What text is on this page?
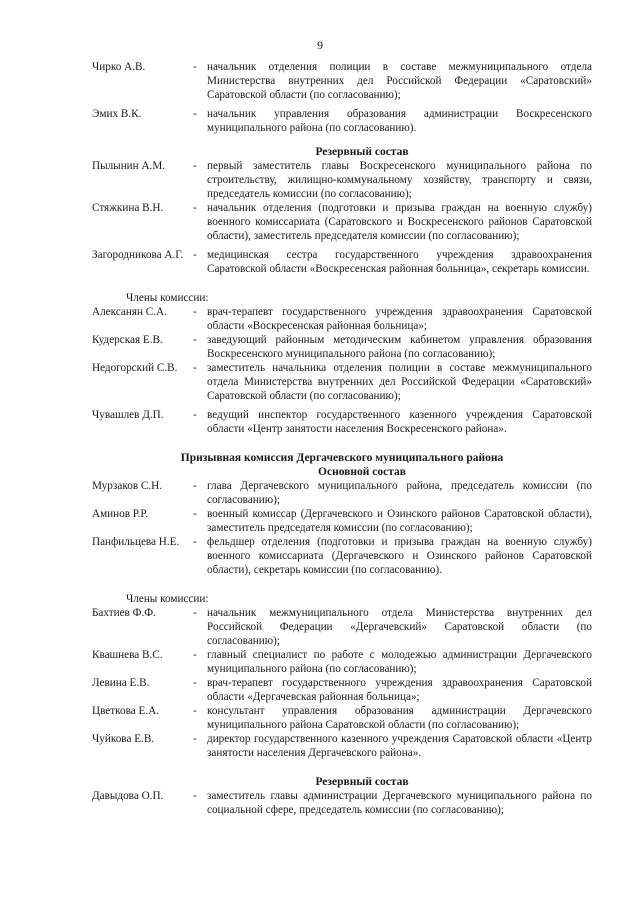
9
Чирко А.В.	- начальник отделения полиции в составе межмуниципального отдела Министерства внутренних дел Российской Федерации «Саратовский» Саратовской области (по согласованию);
Эмих В.К.	- начальник управления образования администрации Воскресенского муниципального района (по согласованию).
Резервный состав
Пылынин А.М.	- первый заместитель главы Воскресенского муниципального района по строительству, жилищно-коммунальному хозяйству, транспорту и связи, председатель комиссии (по согласованию);
Стяжкина В.Н.	- начальник отделения (подготовки и призыва граждан на военную службу) военного комиссариата (Саратовского и Воскресенского районов Саратовской области), заместитель председателя комиссии (по согласованию);
Загородникова А.Г. - медицинская сестра государственного учреждения здравоохранения Саратовской области «Воскресенская районная больница», секретарь комиссии.
Члены комиссии:
Алексанян С.А.	- врач-терапевт государственного учреждения здравоохранения Саратовской области «Воскресенская районная больница»;
Кудерская Е.В.	- заведующий районным методическим кабинетом управления образования Воскресенского муниципального района (по согласованию);
Недогорский С.В.	- заместитель начальника отделения полиции в составе межмуниципального отдела Министерства внутренних дел Российской Федерации «Саратовский» Саратовской области (по согласованию);
Чувашлев Д.П.	- ведущий инспектор государственного казенного учреждения Саратовской области «Центр занятости населения Воскресенского района».
Призывная комиссия Дергачевского муниципального района
Основной состав
Мурзаков С.Н.	- глава Дергачевского муниципального района, председатель комиссии (по согласованию);
Аминов Р.Р.	- военный комиссар (Дергачевского и Озинского районов Саратовской области), заместитель председателя комиссии (по согласованию);
Панфильцева Н.Е.	- фельдшер отделения (подготовки и призыва граждан на военную службу) военного комиссариата (Дергачевского и Озинского районов Саратовской области), секретарь комиссии (по согласованию).
Члены комиссии:
Бахтиев Ф.Ф.	- начальник межмуниципального отдела Министерства внутренних дел Российской Федерации «Дергачевский» Саратовской области (по согласованию);
Квашнева В.С.	- главный специалист по работе с молодежью администрации Дергачевского муниципального района (по согласованию);
Левина Е.В.	- врач-терапевт государственного учреждения здравоохранения Саратовской области «Дергачевская районная больница»;
Цветкова Е.А.	- консультант управления образования администрации Дергачевского муниципального района Саратовской области (по согласованию);
Чуйкова Е.В.	- директор государственного казенного учреждения Саратовской области «Центр занятости населения Дергачевского района».
Резервный состав
Давыдова О.П.	- заместитель главы администрации Дергачевского муниципального района по социальной сфере, председатель комиссии (по согласованию);
